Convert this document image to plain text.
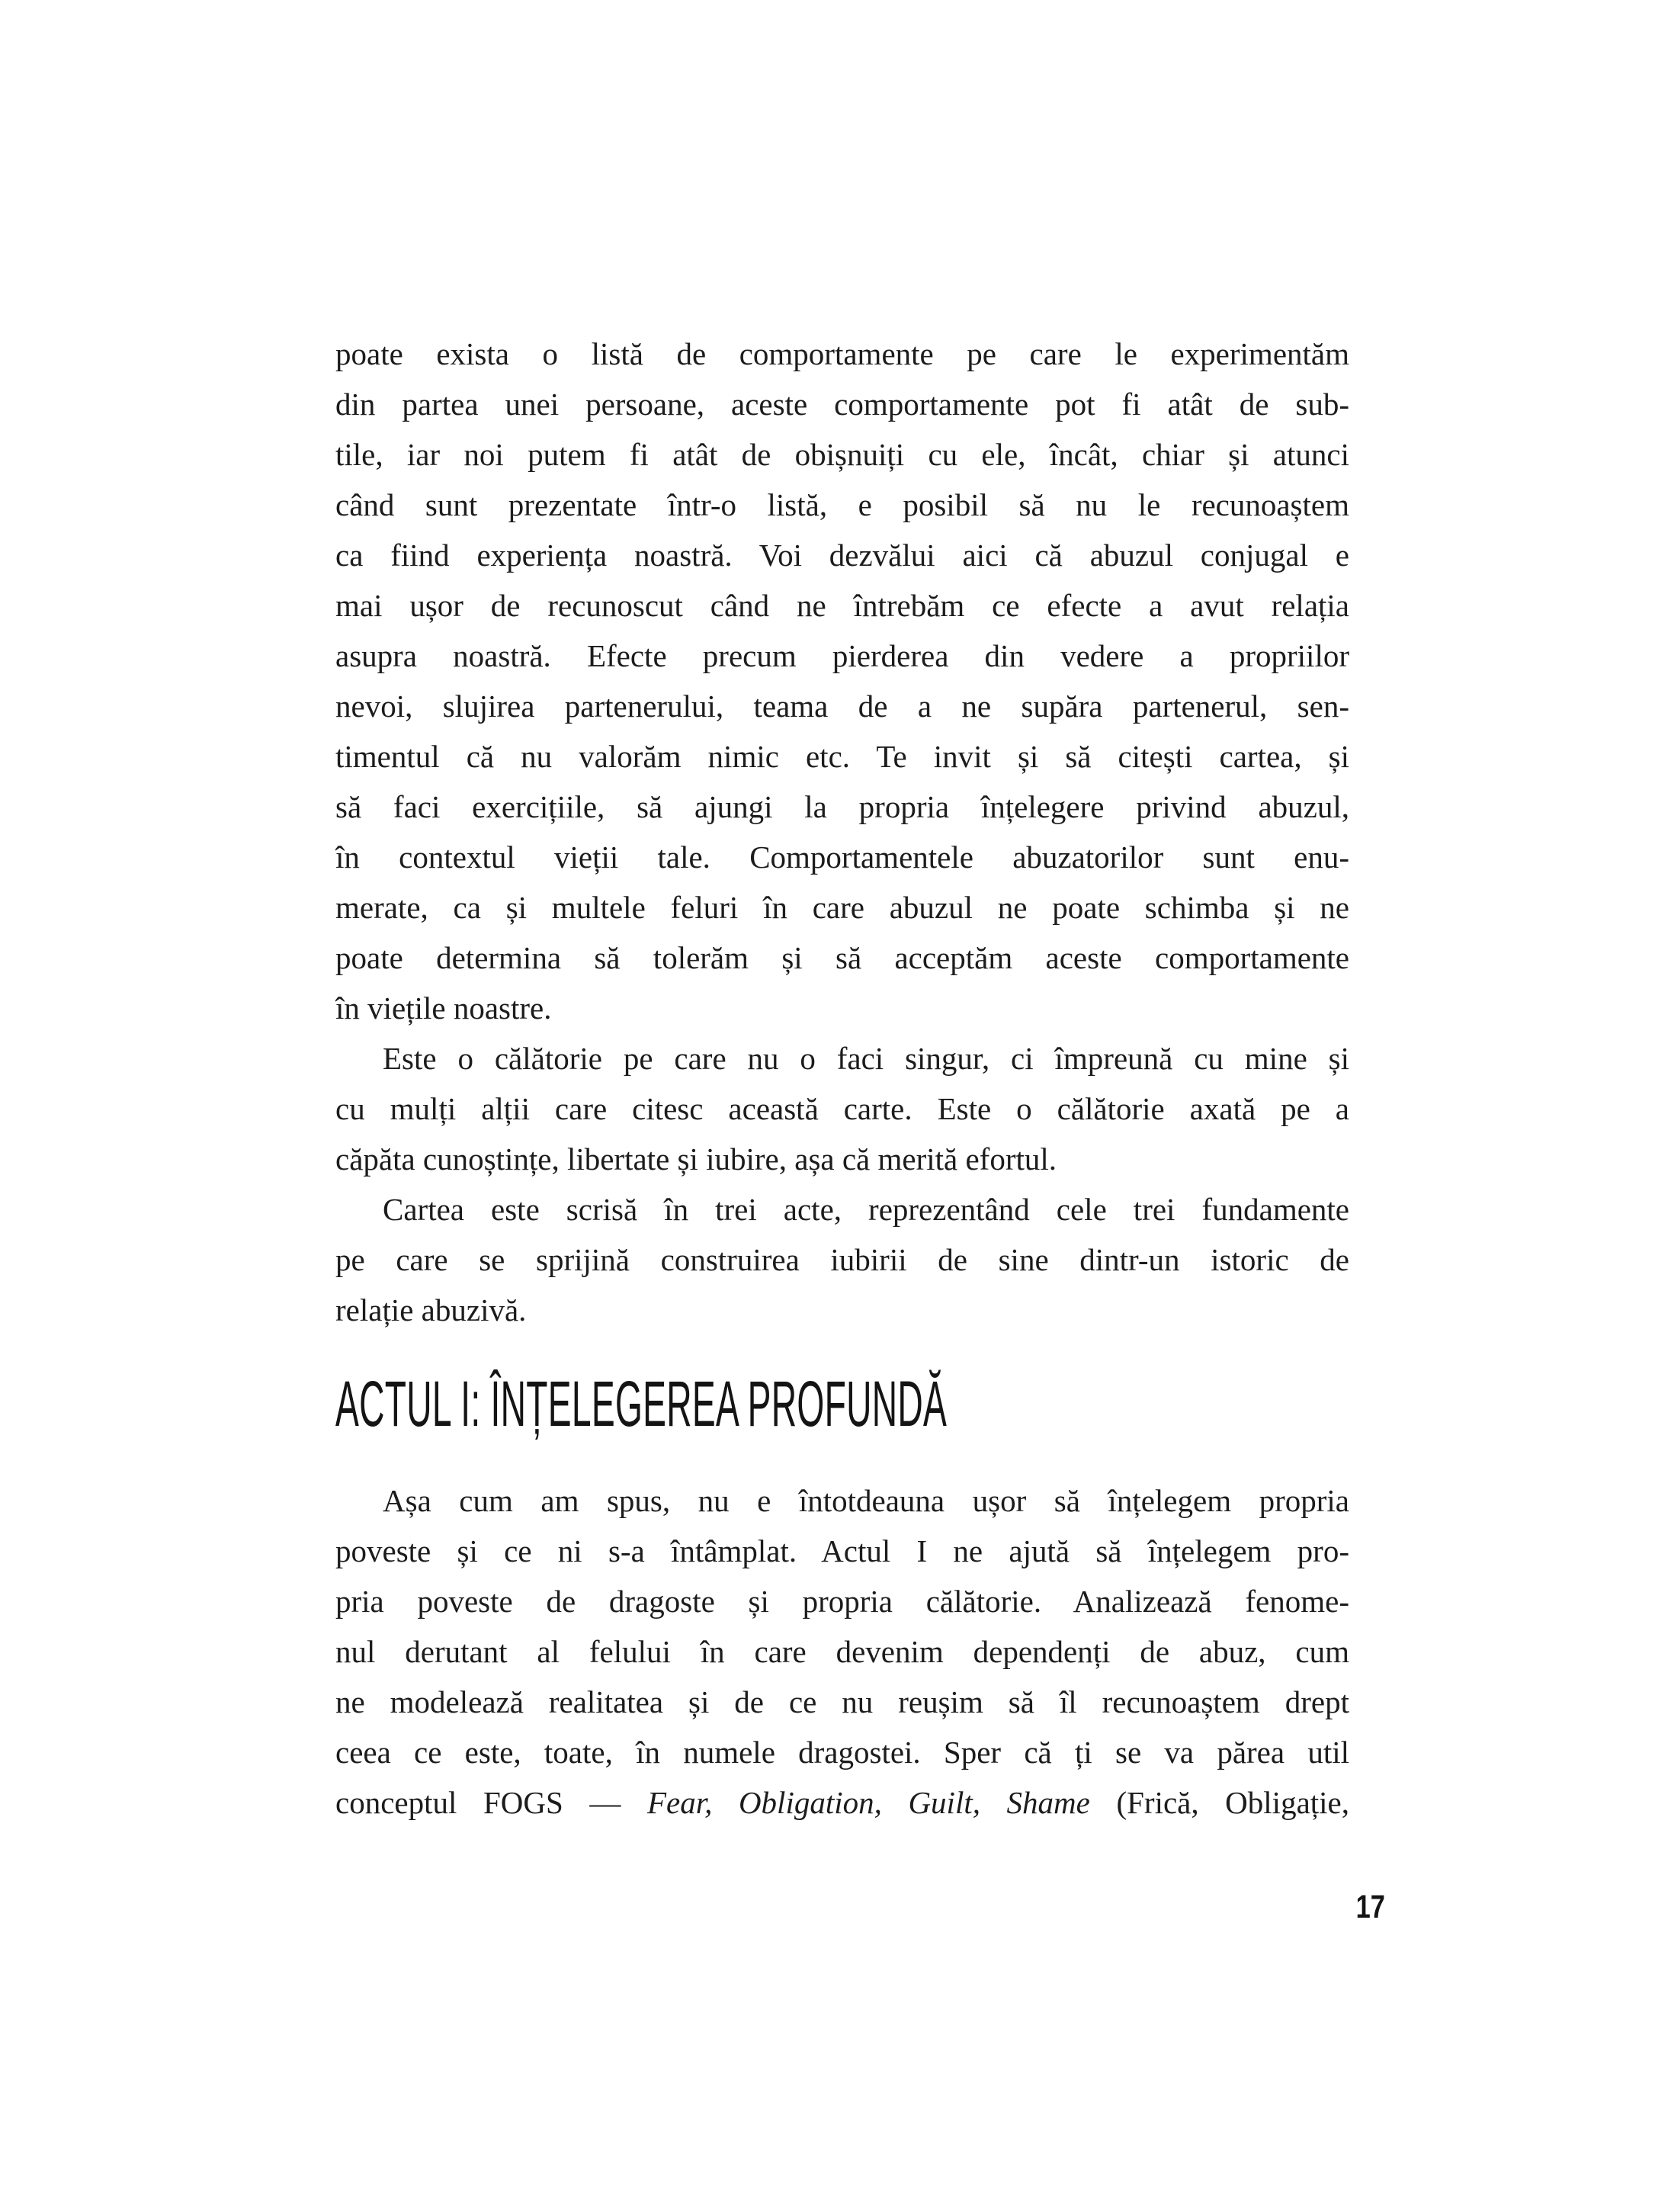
poate exista o listă de comportamente pe care le experimentăm
din partea unei persoane, aceste comportamente pot fi atât de sub-
tile, iar noi putem fi atât de obișnuiți cu ele, încât, chiar și atunci
când sunt prezentate într-o listă, e posibil să nu le recunoaștem
ca fiind experiența noastră. Voi dezvălui aici că abuzul conjugal e
mai ușor de recunoscut când ne întrebăm ce efecte a avut relația
asupra noastră. Efecte precum pierderea din vedere a propriilor
nevoi, slujirea partenerului, teama de a ne supăra partenerul, sen-
timentul că nu valorăm nimic etc. Te invit și să citești cartea, și
să faci exercițiile, să ajungi la propria înțelegere privind abuzul,
în contextul vieții tale. Comportamentele abuzatorilor sunt enu-
merate, ca și multele feluri în care abuzul ne poate schimba și ne
poate determina să tolerăm și să acceptăm aceste comportamente
în viețile noastre.
Este o călătorie pe care nu o faci singur, ci împreună cu mine și
cu mulți alții care citesc această carte. Este o călătorie axată pe a
căpăta cunoștințe, libertate și iubire, așa că merită efortul.
Cartea este scrisă în trei acte, reprezentând cele trei fundamente
pe care se sprijină construirea iubirii de sine dintr-un istoric de
relație abuzivă.
ACTUL I: ÎNȚELEGEREA PROFUNDĂ
Așa cum am spus, nu e întotdeauna ușor să înțelegem propria
poveste și ce ni s-a întâmplat. Actul I ne ajută să înțelegem pro-
pria poveste de dragoste și propria călătorie. Analizează fenome-
nul derutant al felului în care devenim dependenți de abuz, cum
ne modelează realitatea și de ce nu reușim să îl recunoaștem drept
ceea ce este, toate, în numele dragostei. Sper că ți se va părea util
conceptul FOGS — Fear, Obligation, Guilt, Shame (Frică, Obligație,
17
